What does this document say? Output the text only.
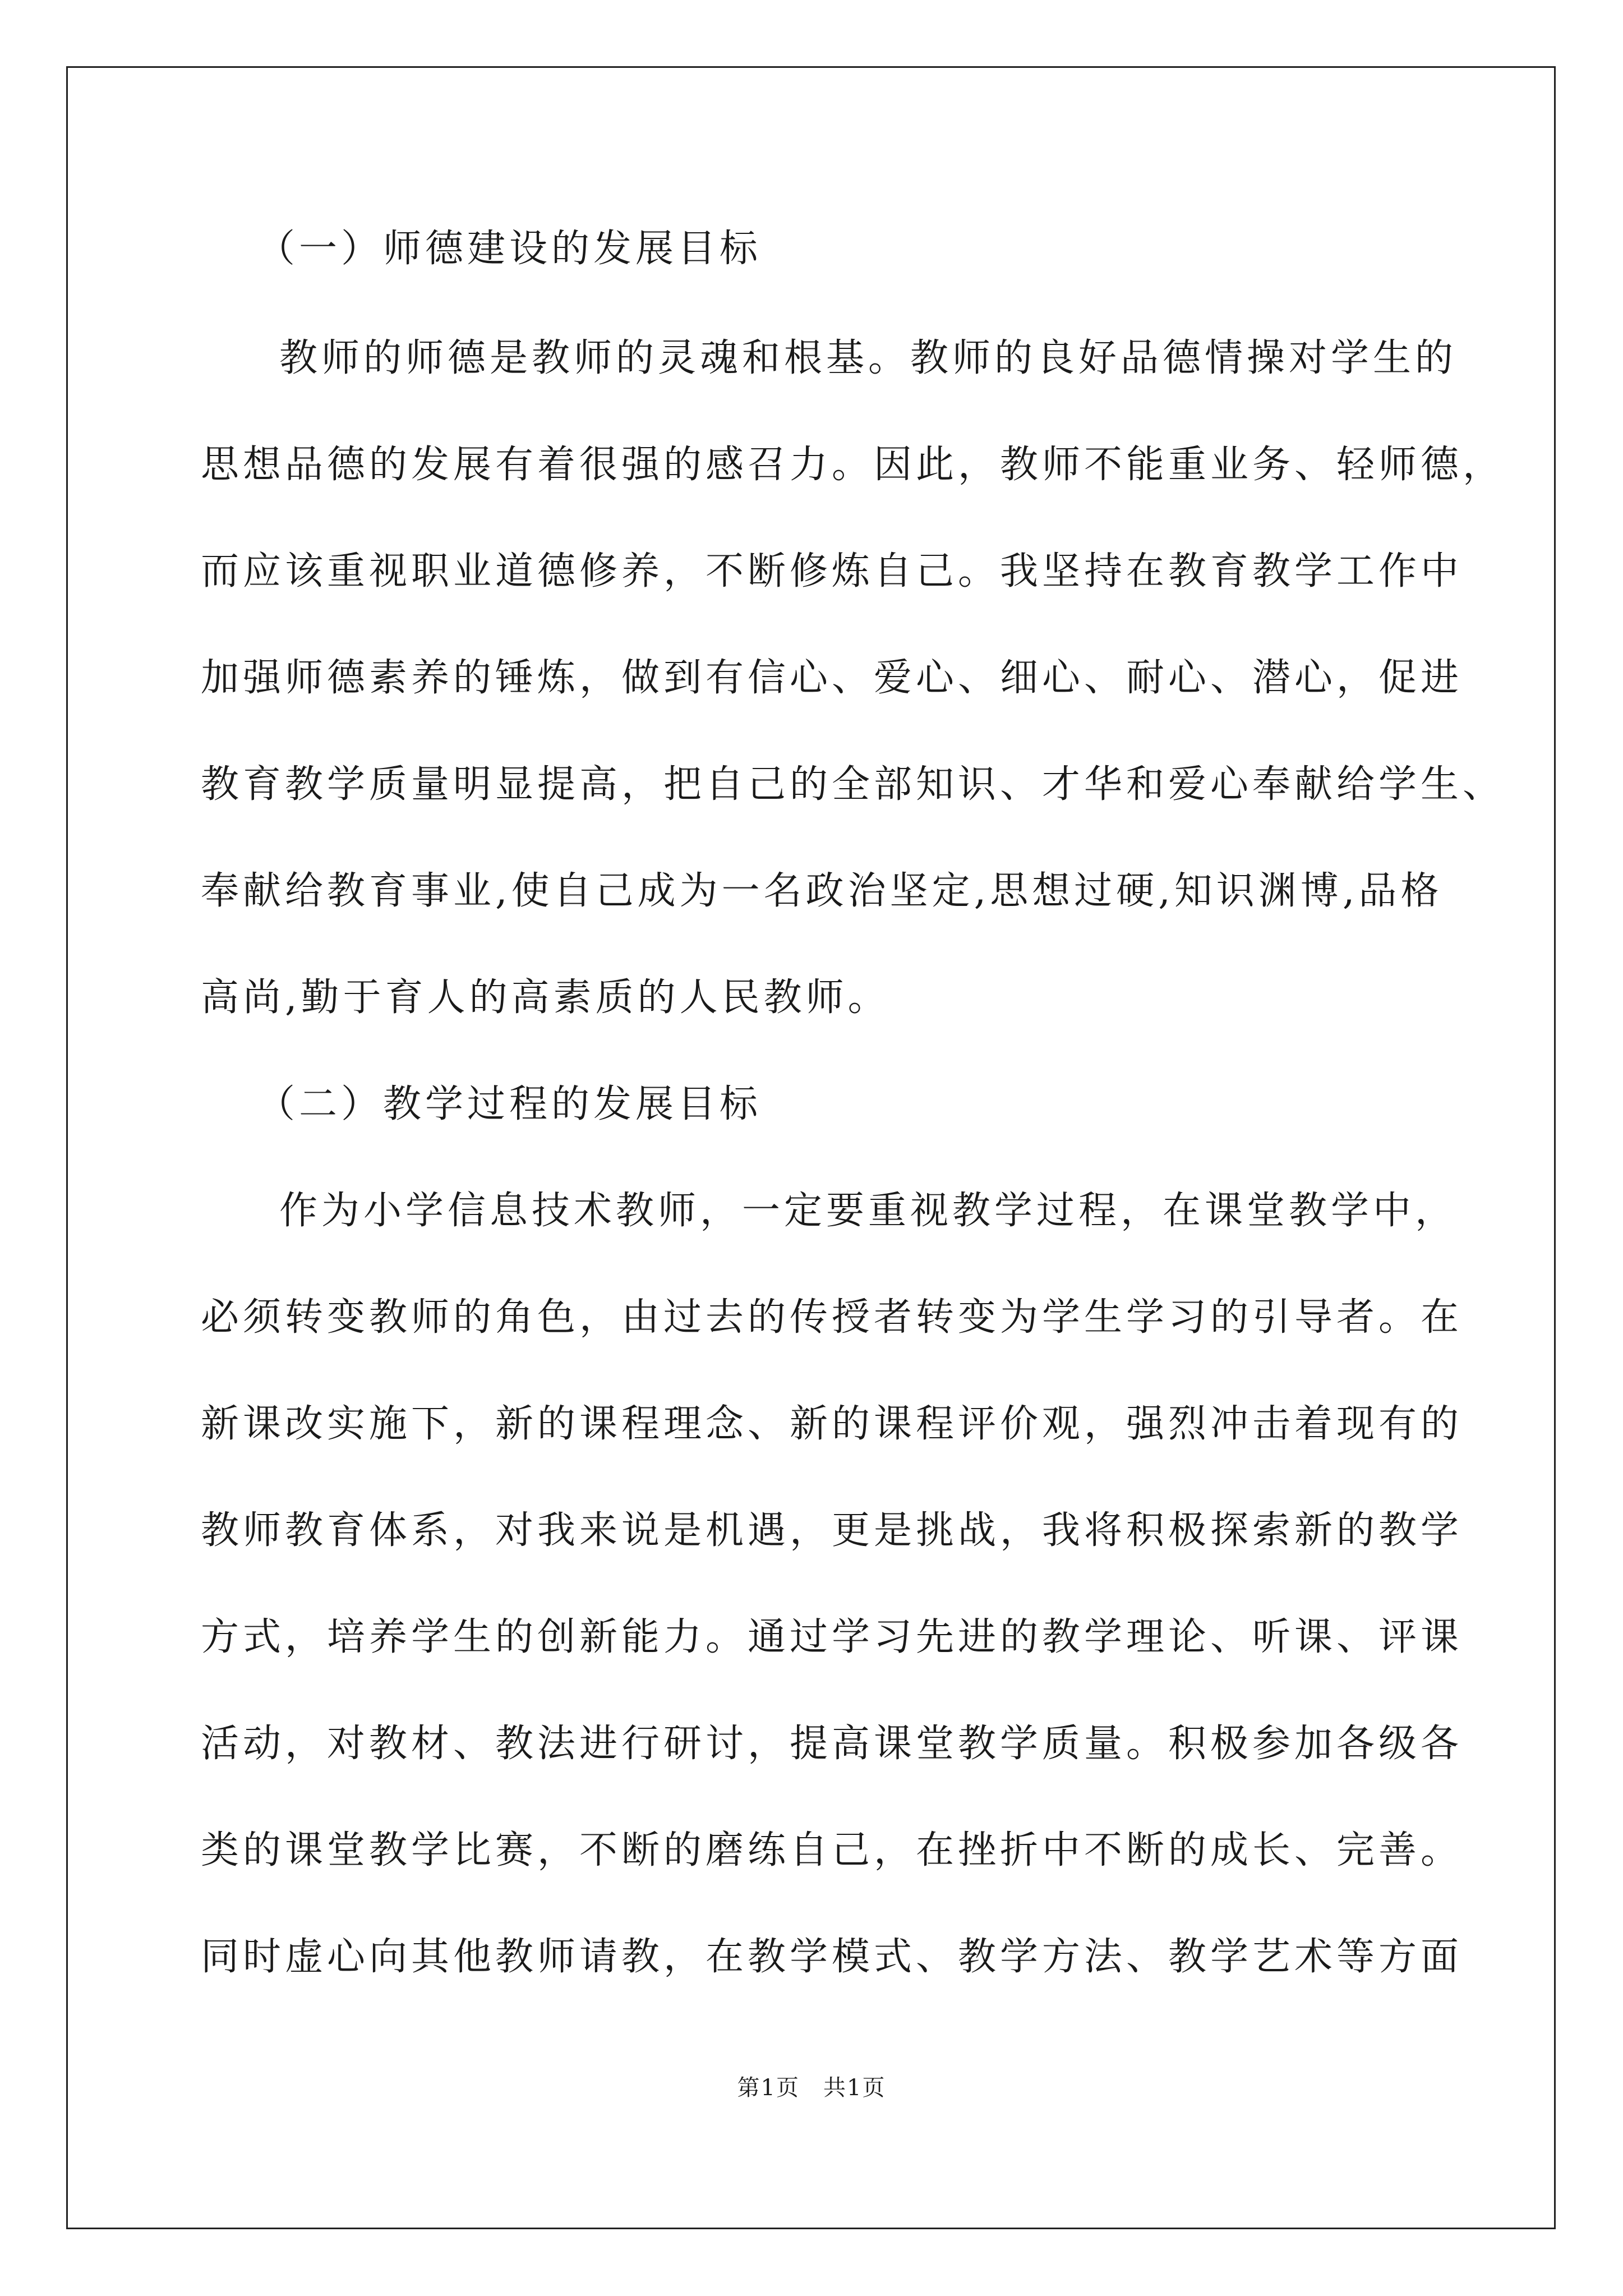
（一）师德建设的发展目标
教师的师德是教师的灵魂和根基。教师的良好品德情操对学生的
思想品德的发展有着很强的感召力。因此，教师不能重业务、轻师德，
而应该重视职业道德修养，不断修炼自己。我坚持在教育教学工作中
加强师德素养的锤炼，做到有信心、爱心、细心、耐心、潜心，促进
教育教学质量明显提高，把自己的全部知识、才华和爱心奉献给学生、
奉献给教育事业,使自己成为一名政治坚定,思想过硬,知识渊博,品格
高尚,勤于育人的高素质的人民教师。
（二）教学过程的发展目标
作为小学信息技术教师，一定要重视教学过程，在课堂教学中，
必须转变教师的角色，由过去的传授者转变为学生学习的引导者。在
新课改实施下，新的课程理念、新的课程评价观，强烈冲击着现有的
教师教育体系，对我来说是机遇，更是挑战，我将积极探索新的教学
方式，培养学生的创新能力。通过学习先进的教学理论、听课、评课
活动，对教材、教法进行研讨，提高课堂教学质量。积极参加各级各
类的课堂教学比赛，不断的磨练自己，在挫折中不断的成长、完善。
同时虚心向其他教师请教，在教学模式、教学方法、教学艺术等方面
第1页　共1页
